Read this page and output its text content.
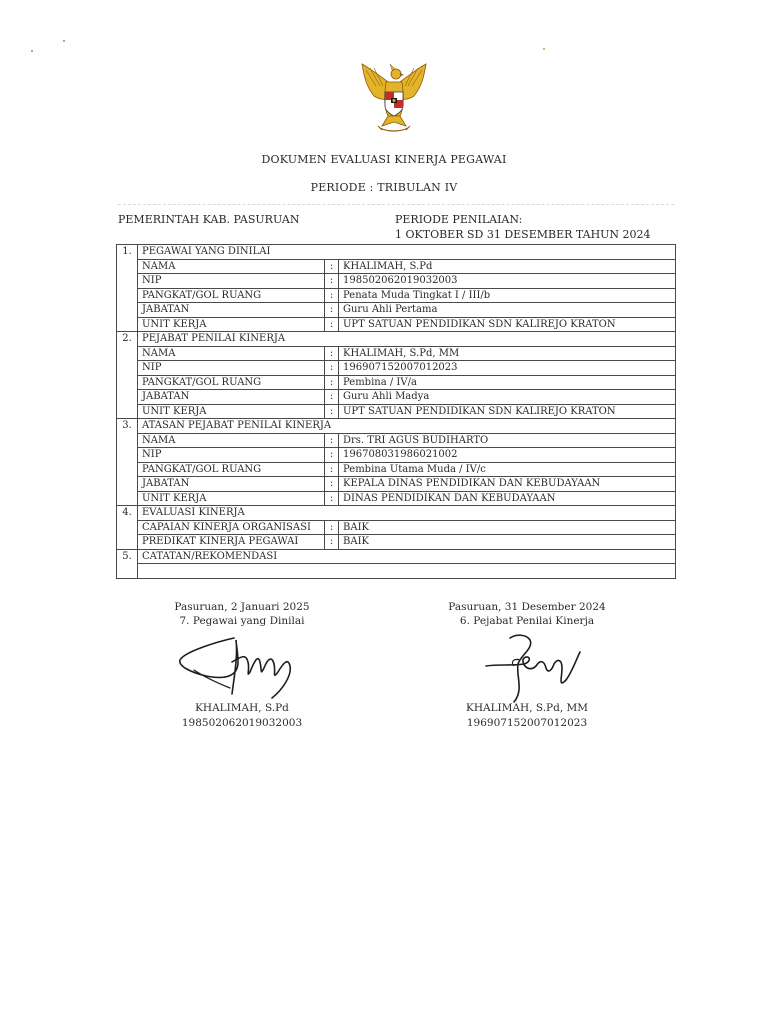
DOKUMEN EVALUASI KINERJA PEGAWAI
PERIODE : TRIBULAN IV
PEMERINTAH KAB. PASURUAN	PERIODE PENILAIAN:
1 OKTOBER SD 31 DESEMBER TAHUN 2024
1.	PEGAWAI YANG DINILAI		
	NAMA	:	KHALIMAH, S.Pd
	NIP	:	198502062019032003
	PANGKAT/GOL RUANG	:	Penata Muda Tingkat I / III/b
	JABATAN	:	Guru Ahli Pertama
	UNIT KERJA	:	UPT SATUAN PENDIDIKAN SDN KALIREJO KRATON
2.	PEJABAT PENILAI KINERJA		
	NAMA	:	KHALIMAH, S.Pd, MM
	NIP	:	196907152007012023
	PANGKAT/GOL RUANG	:	Pembina / IV/a
	JABATAN	:	Guru Ahli Madya
	UNIT KERJA	:	UPT SATUAN PENDIDIKAN SDN KALIREJO KRATON
3.	ATASAN PEJABAT PENILAI KINERJA		
	NAMA	:	Drs. TRI AGUS BUDIHARTO
	NIP	:	196708031986021002
	PANGKAT/GOL RUANG	:	Pembina Utama Muda / IV/c
	JABATAN	:	KEPALA DINAS PENDIDIKAN DAN KEBUDAYAAN
	UNIT KERJA	:	DINAS PENDIDIKAN DAN KEBUDAYAAN
4.	EVALUASI KINERJA		
	CAPAIAN KINERJA ORGANISASI	:	BAIK
	PREDIKAT KINERJA PEGAWAI	:	BAIK
5.	CATATAN/REKOMENDASI		

Pasuruan, 2 Januari 2025
7. Pegawai yang Dinilai
KHALIMAH, S.Pd
198502062019032003
Pasuruan, 31 Desember 2024
6. Pejabat Penilai Kinerja
KHALIMAH, S.Pd, MM
196907152007012023
